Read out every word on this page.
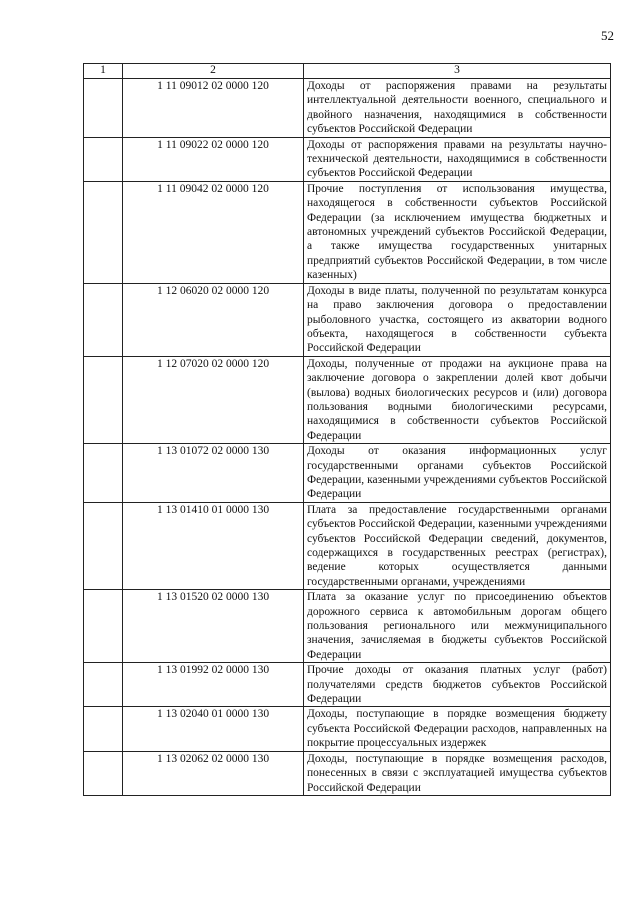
52
1	2	3
	1 11 09012 02 0000 120	Доходы от распоряжения правами на результаты интеллектуальной деятельности военного, специального и двойного назначения, находящимися в собственности субъектов Российской Федерации
	1 11 09022 02 0000 120	Доходы от распоряжения правами на результаты научно-технической деятельности, находящимися в собственности субъектов Российской Федерации
	1 11 09042 02 0000 120	Прочие поступления от использования имущества, находящегося в собственности субъектов Российской Федерации (за исключением имущества бюджетных и автономных учреждений субъектов Российской Федерации, а также имущества государственных унитарных предприятий субъектов Российской Федерации, в том числе казенных)
	1 12 06020 02 0000 120	Доходы в виде платы, полученной по результатам конкурса на право заключения договора о предоставлении рыболовного участка, состоящего из акватории водного объекта, находящегося в собственности субъекта Российской Федерации
	1 12 07020 02 0000 120	Доходы, полученные от продажи на аукционе права на заключение договора о закреплении долей квот добычи (вылова) водных биологических ресурсов и (или) договора пользования водными биологическими ресурсами, находящимися в собственности субъектов Российской Федерации
	1 13 01072 02 0000 130	Доходы от оказания информационных услуг государственными органами субъектов Российской Федерации, казенными учреждениями субъектов Российской Федерации
	1 13 01410 01 0000 130	Плата за предоставление государственными органами субъектов Российской Федерации, казенными учреждениями субъектов Российской Федерации сведений, документов, содержащихся в государственных реестрах (регистрах), ведение которых осуществляется данными государственными органами, учреждениями
	1 13 01520 02 0000 130	Плата за оказание услуг по присоединению объектов дорожного сервиса к автомобильным дорогам общего пользования регионального или межмуниципального значения, зачисляемая в бюджеты субъектов Российской Федерации
	1 13 01992 02 0000 130	Прочие доходы от оказания платных услуг (работ) получателями средств бюджетов субъектов Российской Федерации
	1 13 02040 01 0000 130	Доходы, поступающие в порядке возмещения бюджету субъекта Российской Федерации расходов, направленных на покрытие процессуальных издержек
	1 13 02062 02 0000 130	Доходы, поступающие в порядке возмещения расходов, понесенных в связи с эксплуатацией имущества субъектов Российской Федерации
